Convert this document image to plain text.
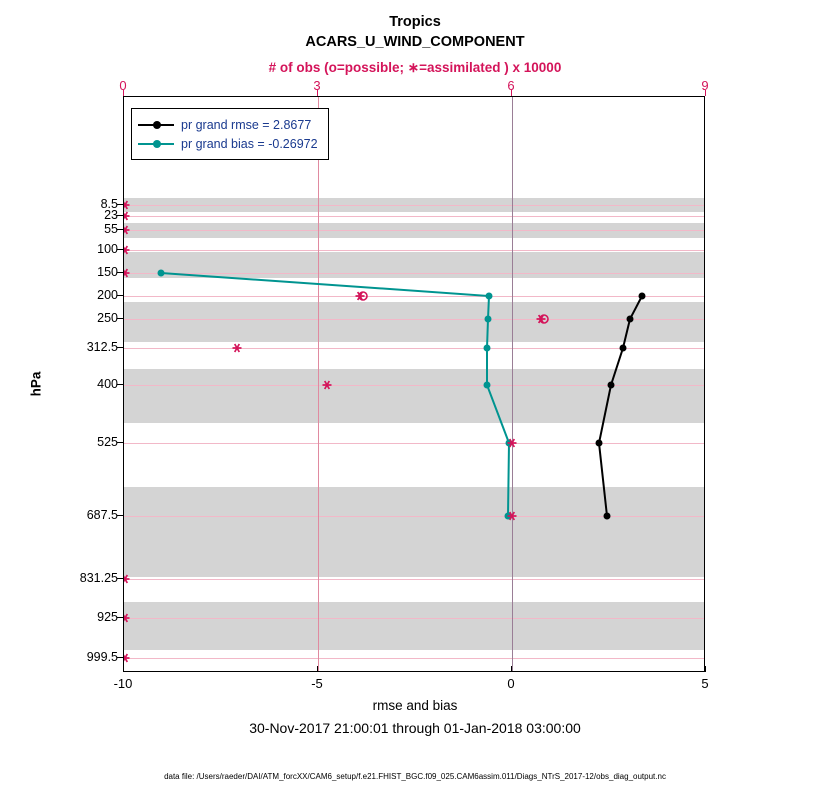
Tropics
ACARS_U_WIND_COMPONENT
# of obs (o=possible; ∗=assimilated ) x 10000
0	3	6	9
pr grand rmse = 2.8677
pr grand bias = -0.26972
8.5
23
55
100
150
200
250
312.5
400
525
687.5
831.25
925
999.5
-10	-5	0	5
hPa
rmse and bias
30-Nov-2017 21:00:01 through 01-Jan-2018 03:00:00
data file: /Users/raeder/DAI/ATM_forcXX/CAM6_setup/f.e21.FHIST_BGC.f09_025.CAM6assim.011/Diags_NTrS_2017-12/obs_diag_output.nc
